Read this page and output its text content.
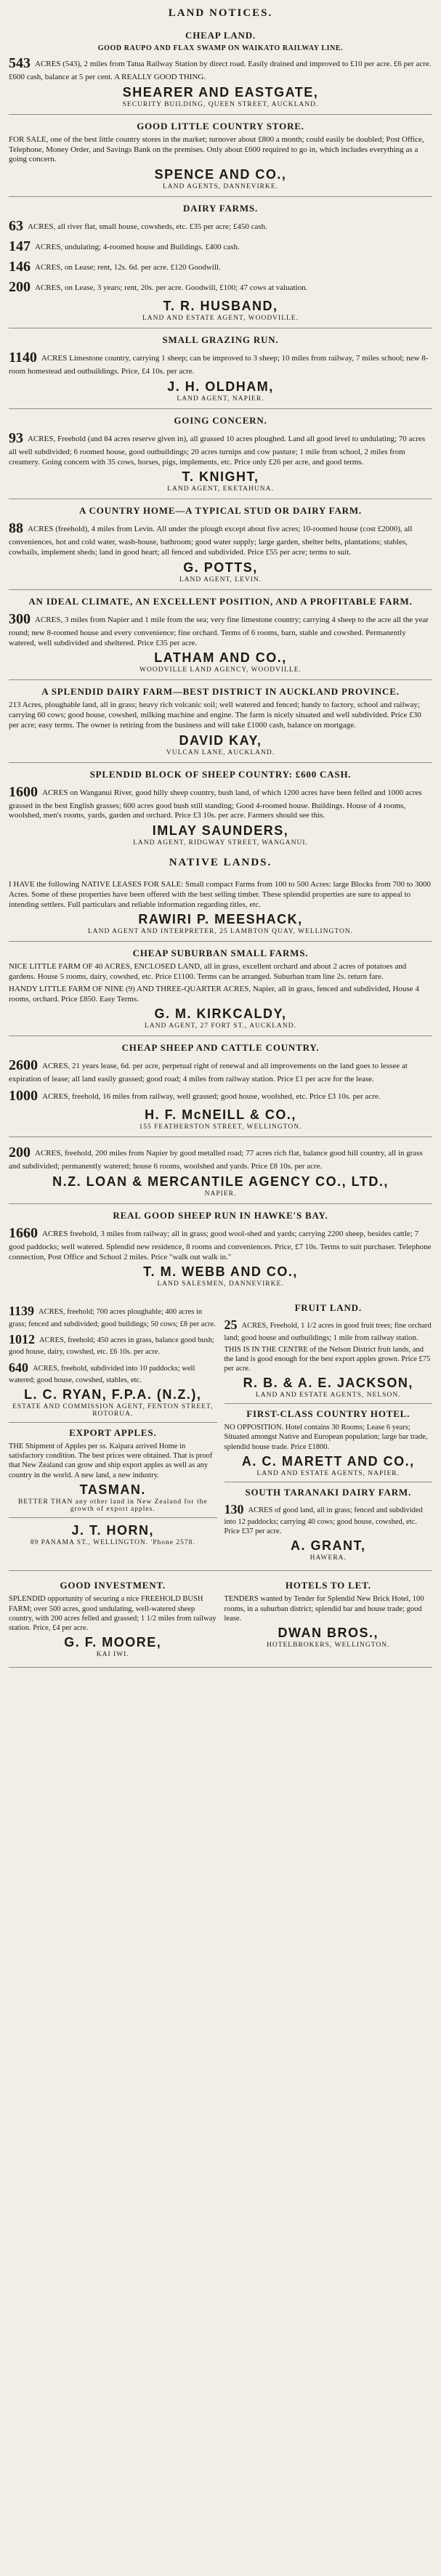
LAND NOTICES.
CHEAP LAND.
GOOD RAUPO AND FLAX SWAMP ON WAIKATO RAILWAY LINE.
543 ACRES (543), 2 miles from Tatua Railway Station by direct road. Easily drained and improved to £10 per acre. £6 per acre. £600 cash, balance at 5 per cent. A REALLY GOOD THING.
SHEARER AND EASTGATE,
SECURITY BUILDING, QUEEN STREET, AUCKLAND.
GOOD LITTLE COUNTRY STORE.
FOR SALE, one of the best little country stores in the market; turnover about £800 a month; could easily be doubled; Post Office, Telephone, Money Order, and Savings Bank on the premises. Only about £600 required to go in, which includes everything as a going concern.
SPENCE AND CO.,
LAND AGENTS, DANNEVIRKE.
DAIRY FARMS.
63 ACRES, all river flat, small house, cowsheds, etc. £35 per acre; £450 cash.
147 ACRES, undulating; 4-roomed house and Buildings. £400 cash.
146 ACRES, on Lease; rent, 12s. 6d. per acre. £120 Goodwill.
200 ACRES, on Lease, 3 years; rent, 20s. per acre. Goodwill, £100; 47 cows at valuation.
T. R. HUSBAND,
LAND AND ESTATE AGENT, WOODVILLE.
SMALL GRAZING RUN.
1140 ACRES Limestone country, carrying 1 sheep; can be improved to 3 sheep; 10 miles from railway, 7 miles school; new 8-room homestead and outbuildings. Price, £4 10s. per acre.
J. H. OLDHAM,
LAND AGENT, NAPIER.
GOING CONCERN.
93 ACRES, Freehold (and 84 acres reserve given in), all grassed 10 acres ploughed. Land all good level to undulating; 70 acres all well subdivided; 6 roomed house, good outbuildings; 20 acres turnips and cow pasture; 1 mile from school, 2 miles from creamery. Going concern with 35 cows, horses, pigs, implements, etc. Price only £26 per acre, and good terms.
T. KNIGHT,
LAND AGENT, EKETAHUNA.
A COUNTRY HOME—A TYPICAL STUD OR DAIRY FARM.
88 ACRES (freehold), 4 miles from Levin. All under the plough except about five acres; 10-roomed house (cost £2000), all conveniences, hot and cold water, wash-house, bathroom; good water supply; large garden, shelter belts, plantations; stables, cowbails, implement sheds; land in good heart; all fenced and subdivided. Price £55 per acre; terms to suit.
G. POTTS,
LAND AGENT, LEVIN.
AN IDEAL CLIMATE, AN EXCELLENT POSITION, AND A PROFITABLE FARM.
300 ACRES, 3 miles from Napier and 1 mile from the sea; very fine limestone country; carrying 4 sheep to the acre all the year round; new 8-roomed house and every convenience; fine orchard. Terms of 6 rooms, barn, stable and cowshed. Permanently watered, well subdivided and sheltered. Price £35 per acre.
LATHAM AND CO.,
WOODVILLE LAND AGENCY, WOODVILLE.
A SPLENDID DAIRY FARM—BEST DISTRICT IN AUCKLAND PROVINCE.
213 Acres, ploughable land, all in grass; heavy rich volcanic soil; well watered and fenced; handy to factory, school and railway; carrying 60 cows; good house, cowshed, milking machine and engine. The farm is nicely situated and well subdivided. Price £30 per acre; easy terms. The owner is retiring from the business and will take £1000 cash, balance on mortgage.
DAVID KAY,
VULCAN LANE, AUCKLAND.
SPLENDID BLOCK OF SHEEP COUNTRY: £600 CASH.
1600 ACRES on Wanganui River, good hilly sheep country, bush land, of which 1200 acres have been felled and 1000 acres grassed in the best English grasses; 600 acres good bush still standing; Good 4-roomed house. Buildings. House of 4 rooms, woolshed, men's rooms, yards, garden and orchard. Price £3 10s. per acre. Farmers should see this.
IMLAY SAUNDERS,
LAND AGENT, RIDGWAY STREET, WANGANUI.
NATIVE LANDS.
I HAVE the following NATIVE LEASES FOR SALE: Small compact Farms from 100 to 500 Acres: large Blocks from 700 to 3000 Acres. Some of these properties have been offered with the best selling timber. These splendid properties are sure to appeal to intending settlers. Full particulars and reliable information regarding titles, etc.
RAWIRI P. MEESHACK,
LAND AGENT AND INTERPRETER, 25 LAMBTON QUAY, WELLINGTON.
CHEAP SUBURBAN SMALL FARMS.
NICE LITTLE FARM OF 40 ACRES, ENCLOSED LAND, all in grass, excellent orchard and about 2 acres of potatoes and gardens. House 5 rooms, dairy, cowshed, etc. Price £1100. Terms can be arranged. Suburban tram line 2s. return fare.
HANDY LITTLE FARM OF NINE (9) AND THREE-QUARTER ACRES, Napier, all in grass, fenced and subdivided, House 4 rooms, orchard. Price £850. Easy Terms.
G. M. KIRKCALDY,
LAND AGENT, 27 FORT ST., AUCKLAND.
CHEAP SHEEP AND CATTLE COUNTRY.
2600 ACRES, 21 years lease, 6d. per acre, perpetual right of renewal and all improvements on the land goes to lessee at expiration of lease; all land easily grassed; good road; 4 miles from railway station. Price £1 per acre for the lease.
1000 ACRES, freehold, 16 miles from railway, well grassed; good house, woolshed, etc. Price £3 10s. per acre.
H. F. McNEILL & CO.,
155 FEATHERSTON STREET, WELLINGTON.
200 ACRES, freehold, 200 miles from Napier by good metalled road; 77 acres rich flat, balance good hill country, all in grass and subdivided; permanently watered; house 6 rooms, woolshed and yards. Price £8 10s. per acre.
N.Z. LOAN & MERCANTILE AGENCY CO., LTD.,
NAPIER.
REAL GOOD SHEEP RUN IN HAWKE'S BAY.
1660 ACRES freehold, 3 miles from railway; all in grass; good wool-shed and yards; carrying 2200 sheep, besides cattle; 7 good paddocks; well watered. Splendid new residence, 8 rooms and conveniences. Price, £7 10s. Terms to suit purchaser. Telephone connection, Post Office and School 2 miles. Price "walk out walk in."
T. M. WEBB AND CO.,
LAND SALESMEN, DANNEVIRKE.
1139 ACRES, freehold; 700 acres ploughable; 400 acres in grass; fenced and subdivided; good buildings; 50 cows; £8 per acre.
1012 ACRES, freehold; 450 acres in grass, balance good bush; good house, dairy, cowshed, etc. £6 10s. per acre.
640 ACRES, freehold, subdivided into 10 paddocks; well watered; good house, cowshed, stables, etc.
L. C. RYAN, F.P.A. (N.Z.),
ESTATE AND COMMISSION AGENT, FENTON STREET, ROTORUA.
EXPORT APPLES.
THE Shipment of Apples per ss. Kaipara arrived Home in satisfactory condition. The best prices were obtained. That is proof that New Zealand can grow and ship export apples as well as any country in the world. A new land, a new industry.
TASMAN.
BETTER THAN any other land in New Zealand for the growth of export apples.
J. T. HORN,
89 PANAMA ST., WELLINGTON. 'Phone 2578.
FRUIT LAND.
25 ACRES, Freehold, 1 1/2 acres in good fruit trees; fine orchard land; good house and outbuildings; 1 mile from railway station.
THIS IS IN THE CENTRE of the Nelson District fruit lands, and the land is good enough for the best export apples grown. Price £75 per acre.
R. B. & A. E. JACKSON,
LAND AND ESTATE AGENTS, NELSON.
FIRST-CLASS COUNTRY HOTEL.
NO OPPOSITION. Hotel contains 30 Rooms; Lease 6 years; Situated amongst Native and European population; large bar trade, splendid house trade. Price £1800.
A. C. MARETT AND CO.,
LAND AND ESTATE AGENTS, NAPIER.
SOUTH TARANAKI DAIRY FARM.
130 ACRES of good land, all in grass; fenced and subdivided into 12 paddocks; carrying 40 cows; good house, cowshed, etc. Price £37 per acre.
A. GRANT,
HAWERA.
GOOD INVESTMENT.
SPLENDID opportunity of securing a nice FREEHOLD BUSH FARM; over 500 acres, good undulating, well-watered sheep country, with 200 acres felled and grassed; 1 1/2 miles from railway station. Price, £4 per acre.
G. F. MOORE,
KAI IWI.
HOTELS TO LET.
TENDERS wanted by Tender for Splendid New Brick Hotel, 100 rooms, in a suburban district; splendid bar and house trade; good lease.
DWAN BROS.,
HOTELBROKERS, WELLINGTON.
